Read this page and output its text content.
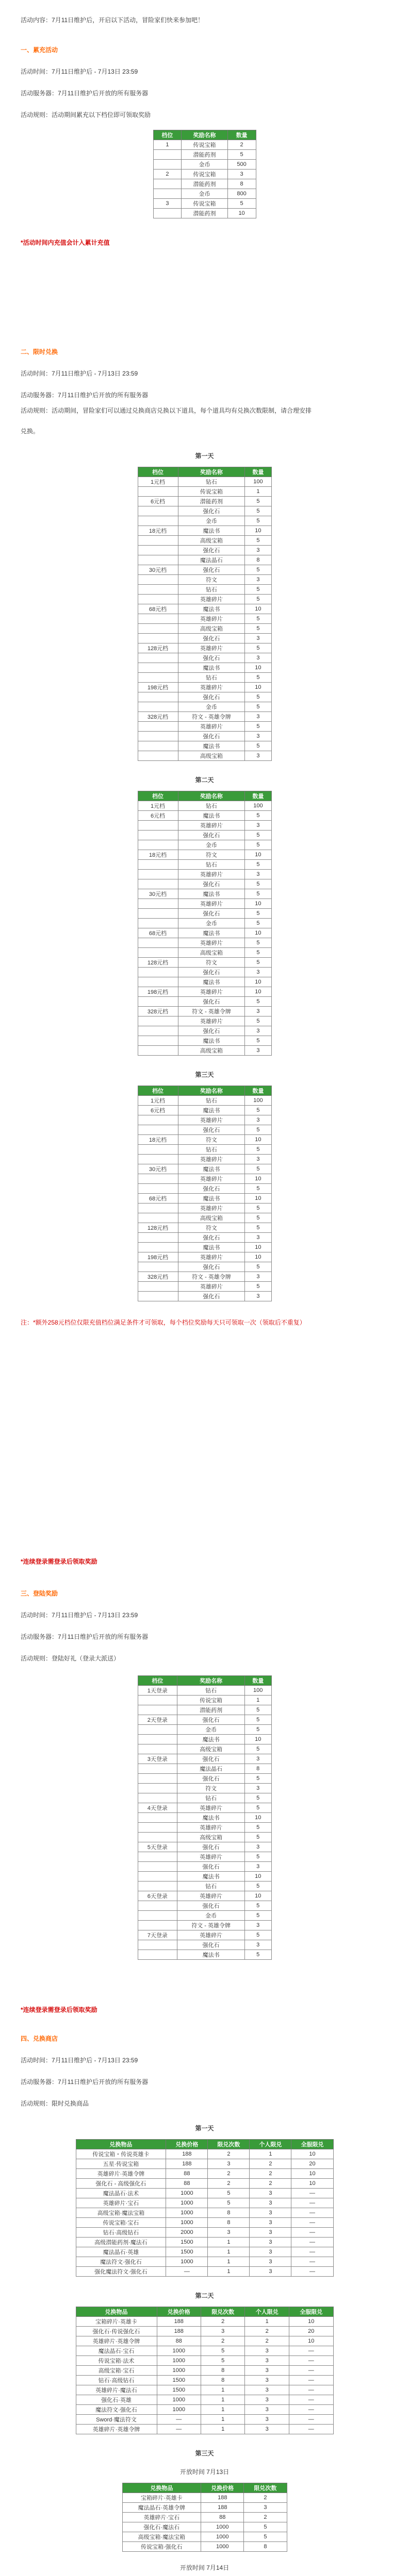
活动内容：7月11日维护后，开启以下活动，冒险家们快来参加吧！

一、累充活动

活动时间：7月11日维护后 - 7月13日 23:59

活动服务器：7月11日维护后开放的所有服务器

活动规则：活动期间累充以下档位即可领取奖励

档位	奖励名称	数量
1	传说宝箱	2
	潜能药剂	5
	金币	500
2	传说宝箱	3
	潜能药剂	8
	金币	800
3	传说宝箱	5
	潜能药剂	10

*活动时间内充值会计入累计充值

二、限时兑换

活动时间：7月11日维护后 - 7月13日 23:59

活动服务器：7月11日维护后开放的所有服务器

活动规则：活动期间，冒险家们可以通过兑换商店兑换以下道具，每个道具均有兑换次数限制，请合理安排

兑换。

第一天

档位	奖励名称	数量
1元档	钻石	100
	传说宝箱	1
6元档	潜能药剂	5
	强化石	5
	金币	5
18元档	魔法书	10
	高级宝箱	5
	强化石	3
	魔法晶石	8
30元档	强化石	5
	符文	3
	钻石	5
	英雄碎片	5
68元档	魔法书	10
	英雄碎片	5
	高级宝箱	5
	强化石	3
128元档	英雄碎片	5
	强化石	3
	魔法书	10
	钻石	5
198元档	英雄碎片	10
	强化石	5
	金币	5
328元档	符文 - 英雄令牌	3
	英雄碎片	5
	强化石	3
	魔法书	5
	高级宝箱	3

第二天

档位	奖励名称	数量
1元档	钻石	100
6元档	魔法书	5
	英雄碎片	3
	强化石	5
	金币	5
18元档	符文	10
	钻石	5
	英雄碎片	3
	强化石	5
30元档	魔法书	5
	英雄碎片	10
	强化石	5
	金币	5
68元档	魔法书	10
	英雄碎片	5
	高级宝箱	5
128元档	符文	5
	强化石	3
	魔法书	10
198元档	英雄碎片	10
	强化石	5
328元档	符文 - 英雄令牌	3
	英雄碎片	5
	强化石	3
	魔法书	5
	高级宝箱	3

第三天

档位	奖励名称	数量
1元档	钻石	100
6元档	魔法书	5
	英雄碎片	3
	强化石	5
18元档	符文	10
	钻石	5
	英雄碎片	3
30元档	魔法书	5
	英雄碎片	10
	强化石	5
68元档	魔法书	10
	英雄碎片	5
	高级宝箱	5
128元档	符文	5
	强化石	3
	魔法书	10
198元档	英雄碎片	10
	强化石	5
328元档	符文 - 英雄令牌	3
	英雄碎片	5
	强化石	3

注：*额外258元档位仅限充值档位满足条件才可领取，每个档位奖励每天只可领取一次（领取后不重复）

*连续登录需登录后领取奖励

三、登陆奖励

活动时间：7月11日维护后 - 7月13日 23:59

活动服务器：7月11日维护后开放的所有服务器

活动规则：登陆好礼（登录大派送）

档位	奖励名称	数量
1天登录	钻石	100
	传说宝箱	1
	潜能药剂	5
2天登录	强化石	5
	金币	5
	魔法书	10
	高级宝箱	5
3天登录	强化石	3
	魔法晶石	8
	强化石	5
	符文	3
	钻石	5
4天登录	英雄碎片	5
	魔法书	10
	英雄碎片	5
	高级宝箱	5
5天登录	强化石	3
	英雄碎片	5
	强化石	3
	魔法书	10
	钻石	5
6天登录	英雄碎片	10
	强化石	5
	金币	5
	符文 - 英雄令牌	3
7天登录	英雄碎片	5
	强化石	3
	魔法书	5

*连续登录需登录后领取奖励

四、兑换商店

活动时间：7月11日维护后 - 7月13日 23:59

活动服务器：7月11日维护后开放的所有服务器

活动规则：限时兑换商品

第一天

兑换物品	兑换价格	限兑次数	个人限兑	全服限兑
传说宝箱・传说英雄卡	188	2	1	10
五星·传说宝箱	188	3	2	20
英雄碎片·英雄令牌	88	2	2	10
强化石 - 高级强化石	88	2	2	10
魔法晶石·法术	1000	5	3	—
英雄碎片·宝石	1000	5	3	—
高级宝箱·魔法宝箱	1000	8	3	—
传说宝箱·宝石	1000	8	3	—
钻石·高级钻石	2000	3	3	—
高级潜能药剂·魔法石	1500	1	3	—
魔法晶石·英雄	1500	1	3	—
魔法符文·强化石	1000	1	3	—
强化魔法符文·强化石	—	1	3	—

第二天

兑换物品	兑换价格	限兑次数	个人限兑	全服限兑
宝箱碎片·英雄卡	188	2	1	10
强化石·传说强化石	188	3	2	20
英雄碎片·英雄令牌	88	2	2	10
魔法晶石·宝石	1000	5	3	—
传说宝箱·法术	1000	5	3	—
高级宝箱·宝石	1000	8	3	—
钻石·高级钻石	1500	8	3	—
英雄碎片·魔法石	1500	1	3	—
强化石·英雄	1000	1	3	—
魔法符文·强化石	1000	1	3	—
Sword·魔法符文	—	1	3	—
英雄碎片·英雄令牌	—	1	3	—

第三天

开放时间 7月13日

兑换物品	兑换价格	限兑次数
宝箱碎片·英雄卡	188	2
魔法晶石·英雄令牌	188	3
英雄碎片·宝石	88	2
强化石·魔法石	1000	5
高级宝箱·魔法宝箱	1000	5
传说宝箱·强化石	1000	8

开放时间 7月14日
